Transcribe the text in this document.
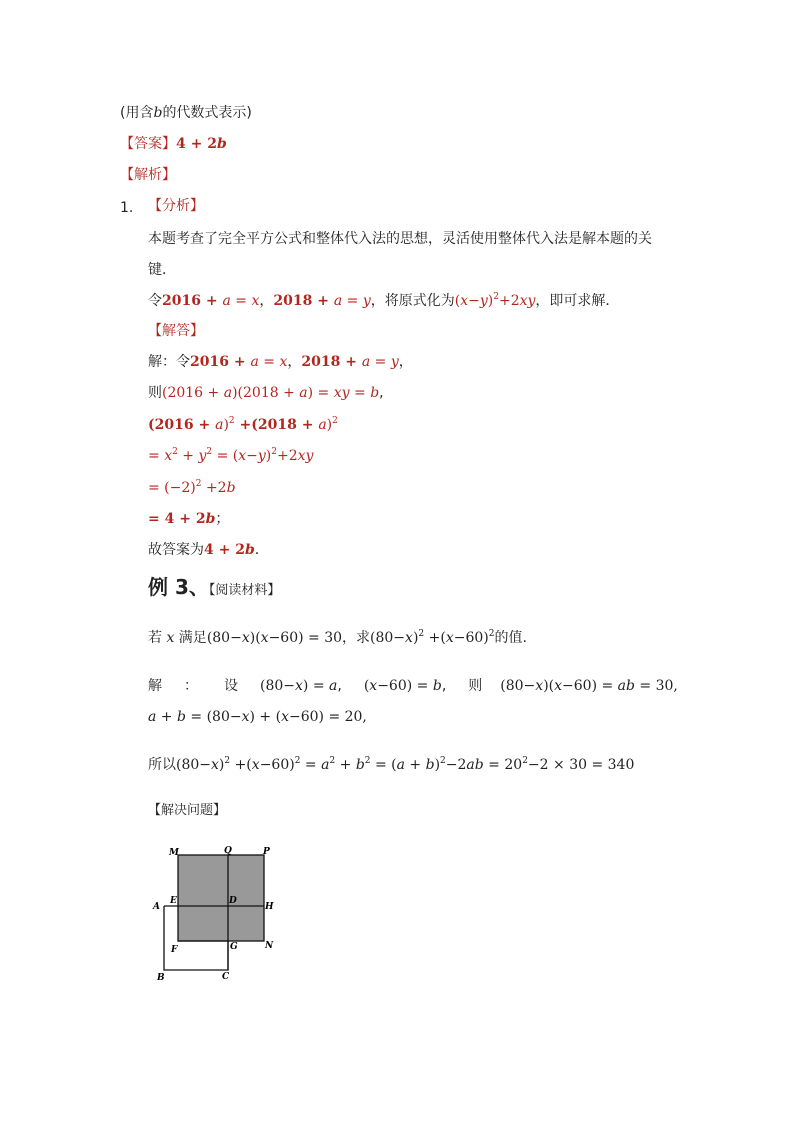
(用含b的代数式表示)
【答案】4 + 2b
【解析】
1. 【分析】
本题考查了完全平方公式和整体代入法的思想，灵活使用整体代入法是解本题的关
键．
令2016 + a = x，2018 + a = y，将原式化为$(x-y)^2+2xy$，即可求解．
【解答】
解：令2016 + a = x，2018 + a = y，
则(2016 + a)(2018 + a) = xy = b,
$(2016 + a)^2 +(2018 + a)^2$
= $x^2 + y^2 = (x-y)^2+2xy$
= $(-2)^2 +2b$
= 4 + 2b；
故答案为4 + 2b.
例 3、【阅读材料】
若 x 满足(80−x)(x−60) = 30，求$(80-x)^2 +(x-60)^2$的值.
解 ： 设 (80−x) = a, (x−60) = b, 则 (80−x)(x−60) = ab = 30,
a + b = (80−x) + (x−60) = 20,
所以$(80-x)^2 +(x-60)^2 = a^2 + b^2 = (a + b)^2-2ab = 20^2-2 \times 30 = 340$
【解决问题】
M	Q	P
A
E	D
H
F	G	N
B	C
